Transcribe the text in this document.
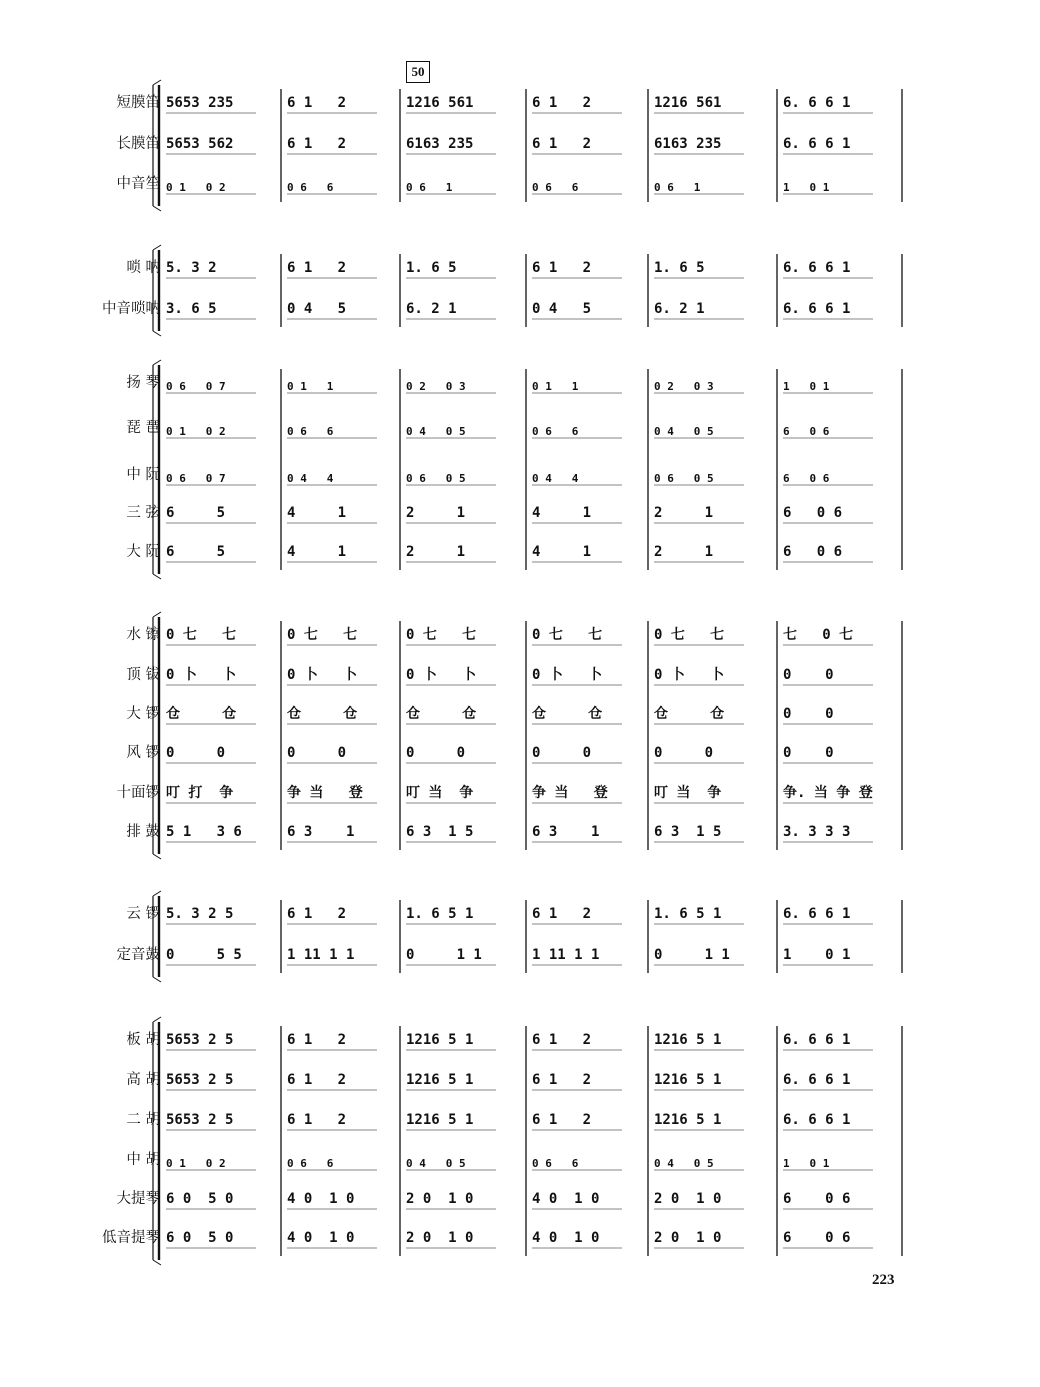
50
223
短膜笛 5653 235	6 1   2	1216 561	6 1   2	1216 561	6. 6 6 1
长膜笛 5653 562	6 1   2	6163 235	6 1   2	6163 235	6. 6 6 1
中音笙 0 1   0 2	0 6   6	0 6   1	0 6   6	0 6   1	1   0 1
唢 呐 5. 3 2	6 1   2	1. 6 5	6 1   2	1. 6 5	6. 6 6 1
中音唢呐 3. 6 5	0 4   5	6. 2 1	0 4   5	6. 2 1	6. 6 6 1
扬 琴 0 6   0 7	0 1   1	0 2   0 3	0 1   1	0 2   0 3	1   0 1
琵 琶 0 1   0 2	0 6   6	0 4   0 5	0 6   6	0 4   0 5	6   0 6
中 阮 0 6   0 7	0 4   4	0 6   0 5	0 4   4	0 6   0 5	6   0 6
三 弦 6     5	4     1	2     1	4     1	2     1	6   0 6
大 阮 6     5	4     1	2     1	4     1	2     1	6   0 6
水 镲 0 七   七	0 七   七	0 七   七	0 七   七	0 七   七	七   0 七
顶 钹 0 卜   卜	0 卜   卜	0 卜   卜	0 卜   卜	0 卜   卜	0    0
大 锣 仓     仓	仓     仓	仓     仓	仓     仓	仓     仓	0    0
风 锣 0     0	0     0	0     0	0     0	0     0	0    0
十面锣 叮 打  争	争 当   登	叮 当  争	争 当   登	叮 当  争	争. 当 争 登
排 鼓 5 1   3 6	6 3    1	6 3  1 5	6 3    1	6 3  1 5	3. 3 3 3
云 锣 5. 3 2 5	6 1   2	1. 6 5 1	6 1   2	1. 6 5 1	6. 6 6 1
定音鼓 0     5 5	1 11 1 1	0     1 1	1 11 1 1	0     1 1	1    0 1
板 胡 5653 2 5	6 1   2	1216 5 1	6 1   2	1216 5 1	6. 6 6 1
高 胡 5653 2 5	6 1   2	1216 5 1	6 1   2	1216 5 1	6. 6 6 1
二 胡 5653 2 5	6 1   2	1216 5 1	6 1   2	1216 5 1	6. 6 6 1
中 胡 0 1   0 2	0 6   6	0 4   0 5	0 6   6	0 4   0 5	1   0 1
大提琴 6 0  5 0	4 0  1 0	2 0  1 0	4 0  1 0	2 0  1 0	6    0 6
低音提琴 6 0  5 0	4 0  1 0	2 0  1 0	4 0  1 0	2 0  1 0	6    0 6
